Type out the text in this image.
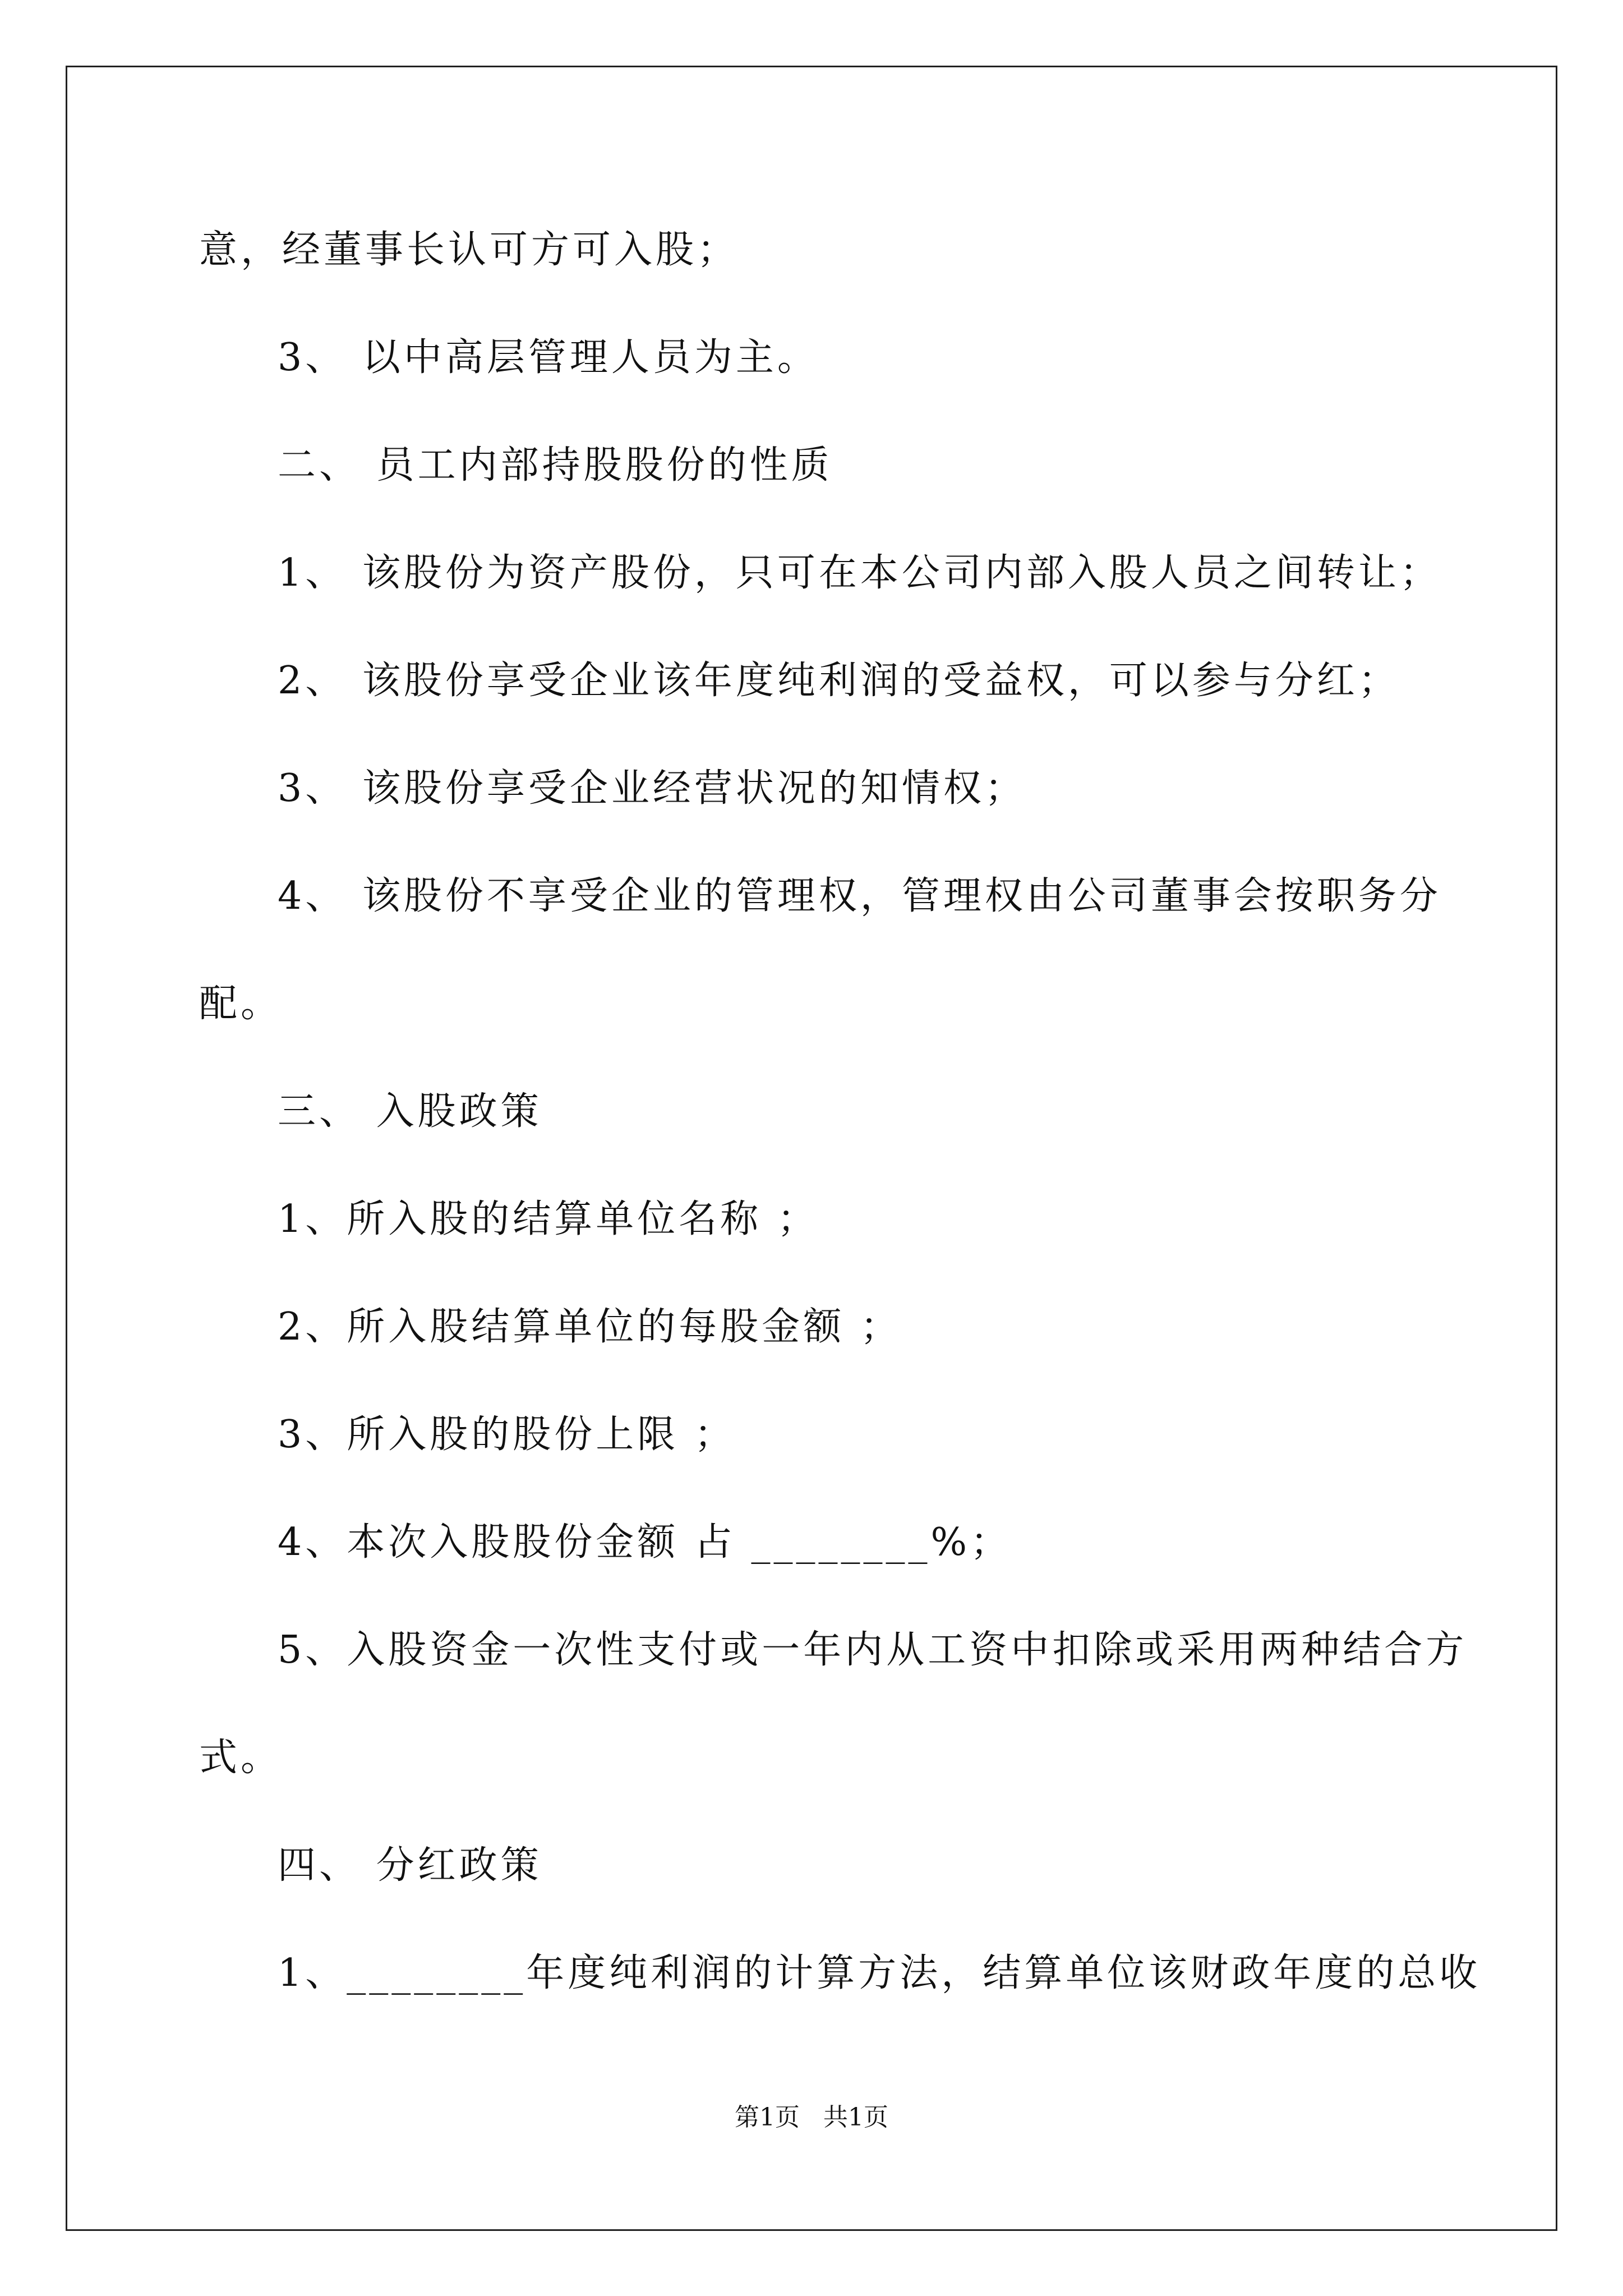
意，经董事长认可方可入股；
3、 以中高层管理人员为主。
二、 员工内部持股股份的性质
1、 该股份为资产股份，只可在本公司内部入股人员之间转让；
2、 该股份享受企业该年度纯利润的受益权，可以参与分红；
3、 该股份享受企业经营状况的知情权；
4、 该股份不享受企业的管理权，管理权由公司董事会按职务分
配。
三、 入股政策
1、所入股的结算单位名称 ；
2、所入股结算单位的每股金额 ；
3、所入股的股份上限 ；
4、本次入股股份金额 占 ________%；
5、入股资金一次性支付或一年内从工资中扣除或采用两种结合方
式。
四、 分红政策
1、________年度纯利润的计算方法，结算单位该财政年度的总收
第1页   共1页
